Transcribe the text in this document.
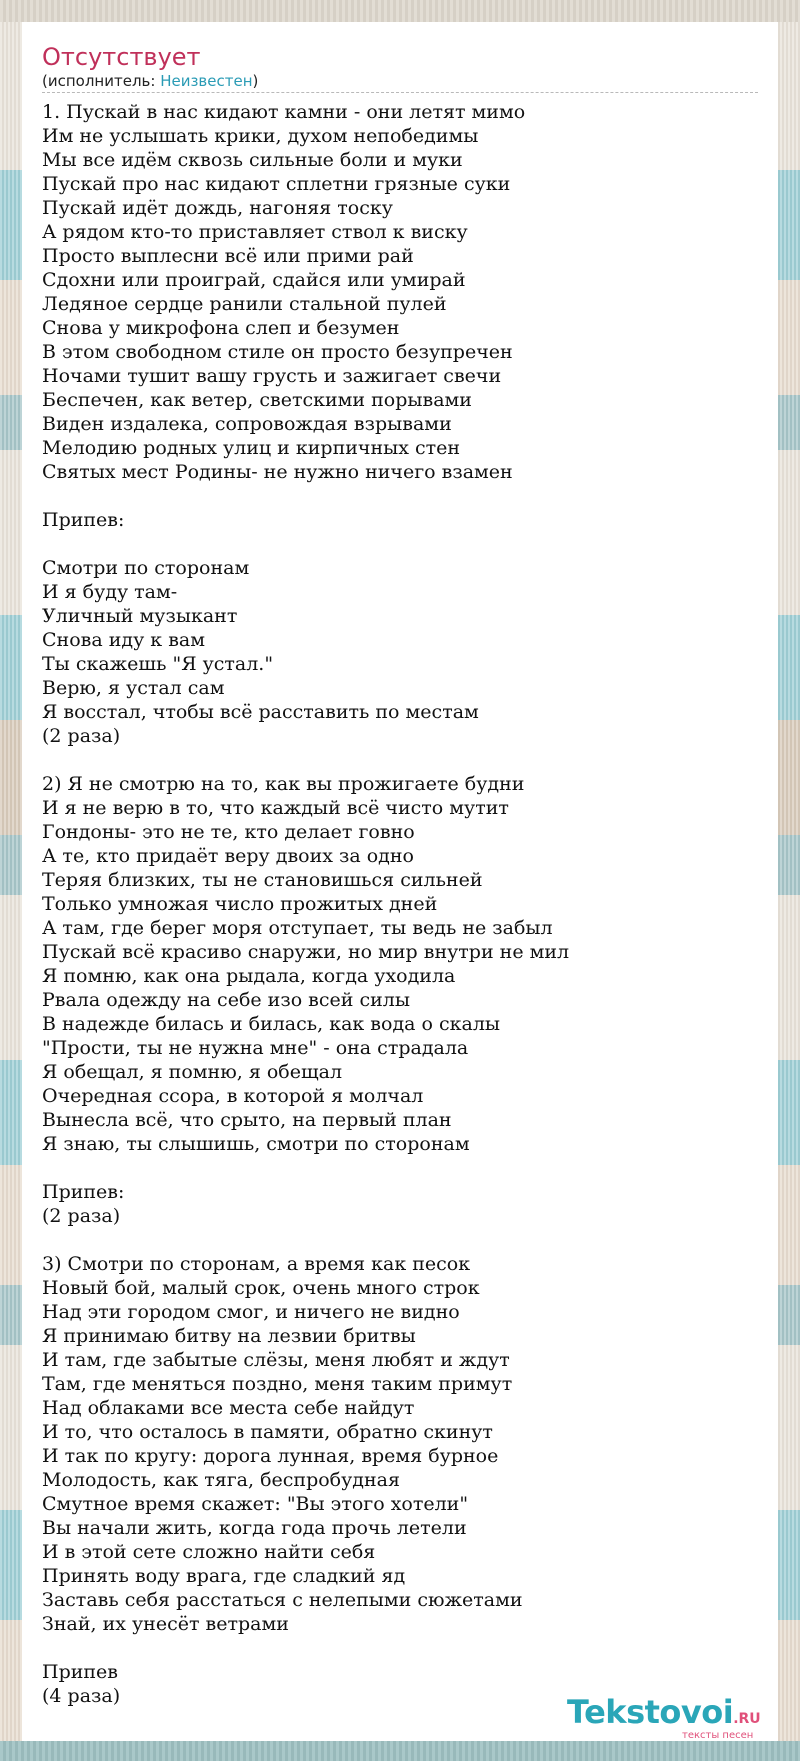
Отсутствует
(исполнитель: Неизвестен)
1. Пускай в нас кидают камни - они летят мимо
Им не услышать крики, духом непобедимы
Мы все идём сквозь сильные боли и муки
Пускай про нас кидают сплетни грязные суки
Пускай идёт дождь, нагоняя тоску
А рядом кто-то приставляет ствол к виску
Просто выплесни всё или прими рай
Сдохни или проиграй, сдайся или умирай
Ледяное сердце ранили стальной пулей
Снова у микрофона слеп и безумен
В этом свободном стиле он просто безупречен
Ночами тушит вашу грусть и зажигает свечи
Беспечен, как ветер, светскими порывами
Виден издалека, сопровождая взрывами
Мелодию родных улиц и кирпичных стен
Святых мест Родины- не нужно ничего взамен

Припев:

Смотри по сторонам
И я буду там-
Уличный музыкант
Снова иду к вам
Ты скажешь "Я устал."
Верю, я устал сам
Я восстал, чтобы всё расставить по местам
(2 раза)

2) Я не смотрю на то, как вы прожигаете будни
И я не верю в то, что каждый всё чисто мутит
Гондоны- это не те, кто делает говно
А те, кто придаёт веру двоих за одно
Теряя близких, ты не становишься сильней
Только умножая число прожитых дней
А там, где берег моря отступает, ты ведь не забыл
Пускай всё красиво снаружи, но мир внутри не мил
Я помню, как она рыдала, когда уходила
Рвала одежду на себе изо всей силы
В надежде билась и билась, как вода о скалы
"Прости, ты не нужна мне" - она страдала
Я обещал, я помню, я обещал
Очередная ссора, в которой я молчал
Вынесла всё, что срыто, на первый план
Я знаю, ты слышишь, смотри по сторонам

Припев:
(2 раза)

3) Смотри по сторонам, а время как песок
Новый бой, малый срок, очень много строк
Над эти городом смог, и ничего не видно
Я принимаю битву на лезвии бритвы
И там, где забытые слёзы, меня любят и ждут
Там, где меняться поздно, меня таким примут
Над облаками все места себе найдут
И то, что осталось в памяти, обратно скинут
И так по кругу: дорога лунная, время бурное
Молодость, как тяга, беспробудная
Смутное время скажет: "Вы этого хотели"
Вы начали жить, когда года прочь летели
И в этой сете сложно найти себя
Принять воду врага, где сладкий яд
Заставь себя расстаться с нелепыми сюжетами
Знай, их унесёт ветрами

Припев
(4 раза)	Tekstovoi.RU
тексты песен
